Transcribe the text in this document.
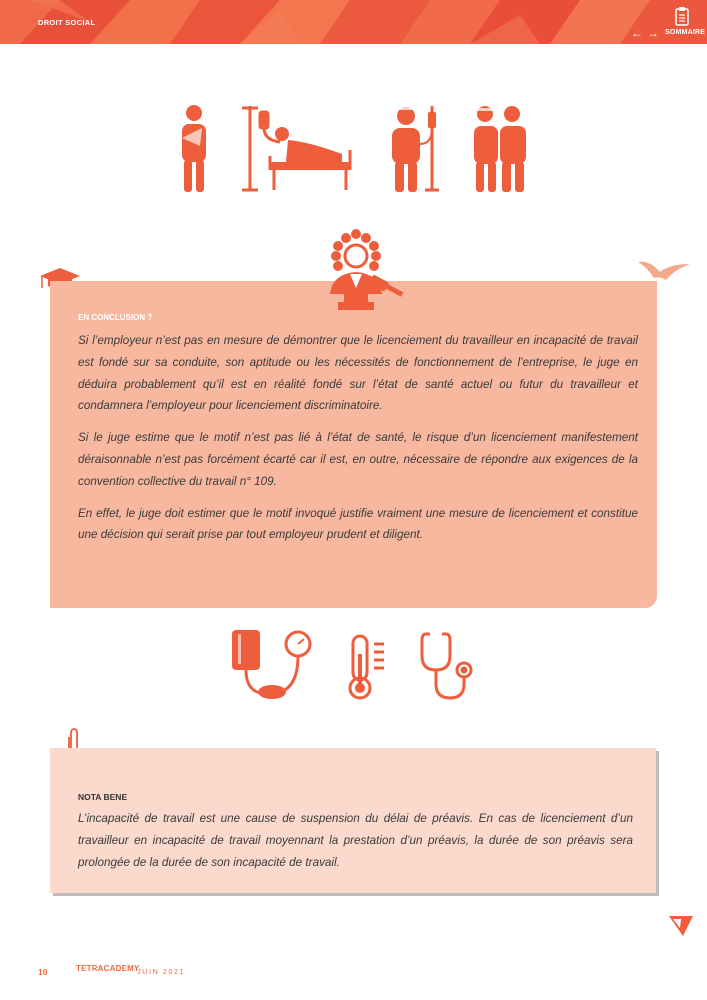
DROIT SOCIAL
← → SOMMAIRE
EN CONCLUSION ?

Si l’employeur n’est pas en mesure de démontrer que le licenciement du travailleur en incapacité de travail est fondé sur sa conduite, son aptitude ou les nécessités de fonctionnement de l’entreprise, le juge en déduira probablement qu’il est en réalité fondé sur l’état de santé actuel ou futur du travailleur et condamnera l’employeur pour licenciement discriminatoire.

Si le juge estime que le motif n’est pas lié à l’état de santé, le risque d’un licenciement manifestement déraisonnable n’est pas forcément écarté car il est, en outre, nécessaire de répondre aux exigences de la convention collective du travail n° 109.

En effet, le juge doit estimer que le motif invoqué justifie vraiment une mesure de licenciement et constitue une décision qui serait prise par tout employeur prudent et diligent.

NOTA BENE
L’incapacité de travail est une cause de suspension du délai de préavis. En cas de licenciement d’un travailleur en incapacité de travail moyennant la prestation d’un préavis, la durée de son préavis sera prolongée de la durée de son incapacité de travail.
10	TETRACADEMY
JUIN 2021
